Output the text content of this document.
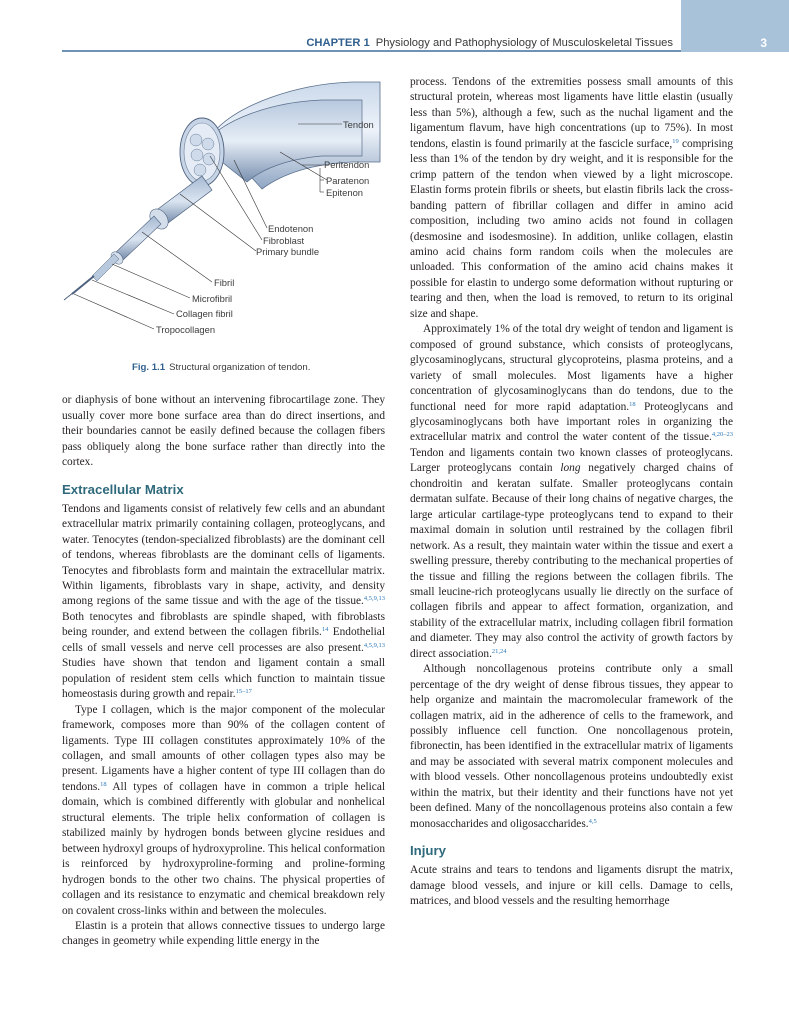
CHAPTER 1 Physiology and Pathophysiology of Musculoskeletal Tissues	3
Tendon
Peritendon
Paratenon
Epitenon
Endotenon
Fibroblast
Primary bundle
Fibril
Microfibril
Collagen fibril
Tropocollagen
Fig. 1.1 Structural organization of tendon.

or diaphysis of bone without an intervening fibrocartilage zone. They usually cover more bone surface area than do direct insertions, and their boundaries cannot be easily defined because the collagen fibers pass obliquely along the bone surface rather than directly into the cortex.

Extracellular Matrix

Tendons and ligaments consist of relatively few cells and an abundant extracellular matrix primarily containing collagen, proteoglycans, and water. Tenocytes (tendon-specialized fibroblasts) are the dominant cell of tendons, whereas fibroblasts are the dominant cells of ligaments. Tenocytes and fibroblasts form and maintain the extracellular matrix. Within ligaments, fibroblasts vary in shape, activity, and density among regions of the same tissue and with the age of the tissue.$^{4,5,9,13}$ Both tenocytes and fibroblasts are spindle shaped, with fibroblasts being rounder, and extend between the collagen fibrils.$^{14}$ Endothelial cells of small vessels and nerve cell processes are also present.$^{4,5,9,13}$ Studies have shown that tendon and ligament contain a small population of resident stem cells which function to maintain tissue homeostasis during growth and repair.$^{15-17}$

Type I collagen, which is the major component of the molecular framework, composes more than 90% of the collagen content of ligaments. Type III collagen constitutes approximately 10% of the collagen, and small amounts of other collagen types also may be present. Ligaments have a higher content of type III collagen than do tendons.$^{18}$ All types of collagen have in common a triple helical domain, which is combined differently with globular and nonhelical structural elements. The triple helix conformation of collagen is stabilized mainly by hydrogen bonds between glycine residues and between hydroxyl groups of hydroxyproline. This helical conformation is reinforced by hydroxyproline-forming and proline-forming hydrogen bonds to the other two chains. The physical properties of collagen and its resistance to enzymatic and chemical breakdown rely on covalent cross-links within and between the molecules.

Elastin is a protein that allows connective tissues to undergo large changes in geometry while expending little energy in the

process. Tendons of the extremities possess small amounts of this structural protein, whereas most ligaments have little elastin (usually less than 5%), although a few, such as the nuchal ligament and the ligamentum flavum, have high concentrations (up to 75%). In most tendons, elastin is found primarily at the fascicle surface,$^{19}$ comprising less than 1% of the tendon by dry weight, and it is responsible for the crimp pattern of the tendon when viewed by a light microscope. Elastin forms protein fibrils or sheets, but elastin fibrils lack the cross-banding pattern of fibrillar collagen and differ in amino acid composition, including two amino acids not found in collagen (desmosine and isodesmosine). In addition, unlike collagen, elastin amino acid chains form random coils when the molecules are unloaded. This conformation of the amino acid chains makes it possible for elastin to undergo some deformation without rupturing or tearing and then, when the load is removed, to return to its original size and shape.

Approximately 1% of the total dry weight of tendon and ligament is composed of ground substance, which consists of proteoglycans, glycosaminoglycans, structural glycoproteins, plasma proteins, and a variety of small molecules. Most ligaments have a higher concentration of glycosaminoglycans than do tendons, due to the functional need for more rapid adaptation.$^{18}$ Proteoglycans and glycosaminoglycans both have important roles in organizing the extracellular matrix and control the water content of the tissue.$^{4,20-23}$ Tendon and ligaments contain two known classes of proteoglycans. Larger proteoglycans contain long negatively charged chains of chondroitin and keratan sulfate. Smaller proteoglycans contain dermatan sulfate. Because of their long chains of negative charges, the large articular cartilage-type proteoglycans tend to expand to their maximal domain in solution until restrained by the collagen fibril network. As a result, they maintain water within the tissue and exert a swelling pressure, thereby contributing to the mechanical properties of the tissue and filling the regions between the collagen fibrils. The small leucine-rich proteoglycans usually lie directly on the surface of collagen fibrils and appear to affect formation, organization, and stability of the extracellular matrix, including collagen fibril formation and diameter. They may also control the activity of growth factors by direct association.$^{21,24}$

Although noncollagenous proteins contribute only a small percentage of the dry weight of dense fibrous tissues, they appear to help organize and maintain the macromolecular framework of the collagen matrix, aid in the adherence of cells to the framework, and possibly influence cell function. One noncollagenous protein, fibronectin, has been identified in the extracellular matrix of ligaments and may be associated with several matrix component molecules and with blood vessels. Other noncollagenous proteins undoubtedly exist within the matrix, but their identity and their functions have not yet been defined. Many of the noncollagenous proteins also contain a few monosaccharides and oligosaccharides.$^{4,5}$

Injury

Acute strains and tears to tendons and ligaments disrupt the matrix, damage blood vessels, and injure or kill cells. Damage to cells, matrices, and blood vessels and the resulting hemorrhage
